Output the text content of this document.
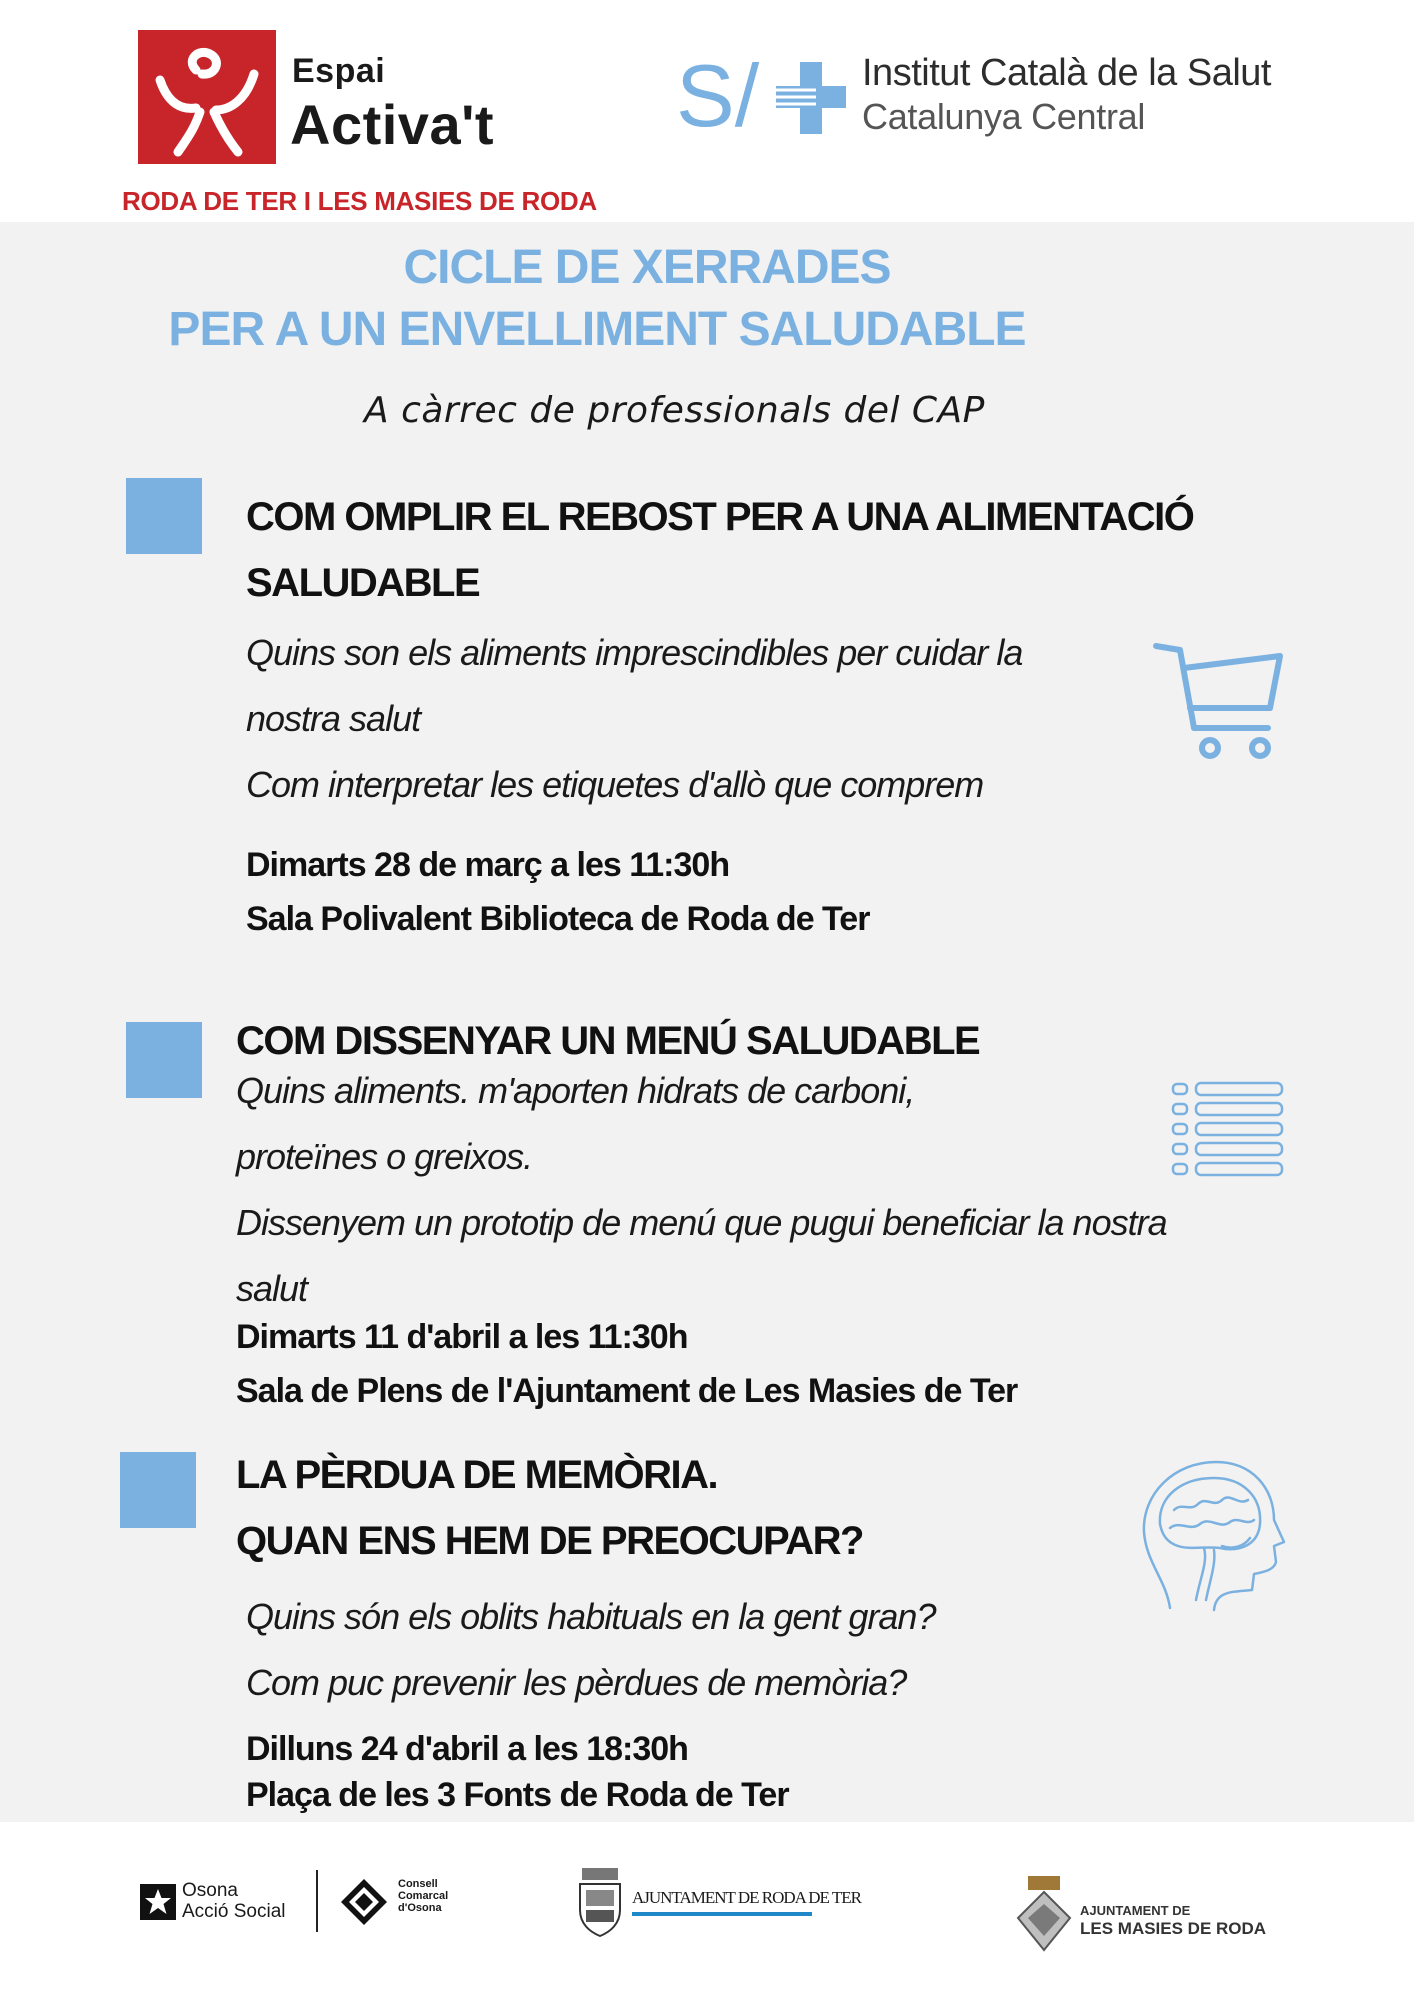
Espai
Activa't
RODA DE TER I LES MASIES DE RODA
S/	Institut Català de la Salut
Catalunya Central
CICLE DE XERRADES
PER A UN ENVELLIMENT SALUDABLE
A càrrec de professionals del CAP
COM OMPLIR EL REBOST PER A UNA ALIMENTACIÓ
SALUDABLE
Quins son els aliments imprescindibles per cuidar la
nostra salut
Com interpretar les etiquetes d'allò que comprem
Dimarts 28 de març a les 11:30h
Sala Polivalent Biblioteca de Roda de Ter
COM DISSENYAR UN MENÚ SALUDABLE
Quins aliments. m'aporten hidrats de carboni,
proteïnes o greixos.
Dissenyem un prototip de menú que pugui beneficiar la nostra
salut
Dimarts 11 d'abril a les 11:30h
Sala de Plens de l'Ajuntament de Les Masies de Ter
LA PÈRDUA DE MEMÒRIA.
QUAN ENS HEM DE PREOCUPAR?
Quins són els oblits habituals en la gent gran?
Com puc prevenir les pèrdues de memòria?
Dilluns 24 d'abril a les 18:30h
Plaça de les 3 Fonts de Roda de Ter
Osona
Acció Social
Consell
Comarcal
d'Osona
AJUNTAMENT DE RODA DE TER
AJUNTAMENT DE
LES MASIES DE RODA
